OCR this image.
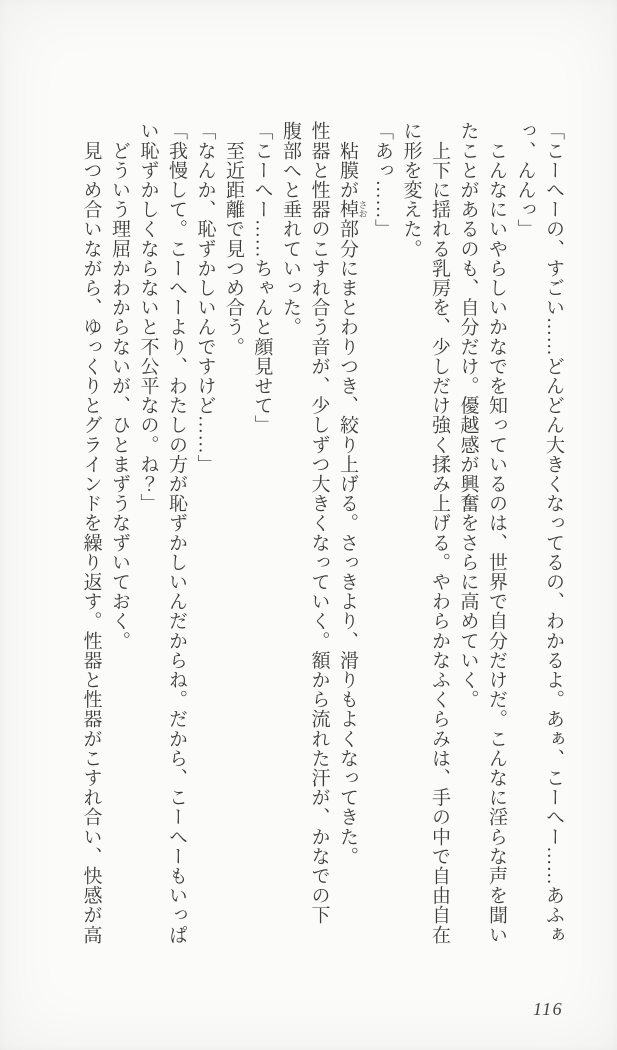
「こーへーの、すごい……どんどん大きくなってるの、わかるよ。あぁ、こーへー……あふぁ
っ、んんっ」
　こんなにいやらしいかなでを知っているのは、世界で自分だけだ。こんなに淫らな声を聞い
たことがあるのも、自分だけ。優越感が興奮をさらに高めていく。
　上下に揺れる乳房を、少しだけ強く揉み上げる。やわらかなふくらみは、手の中で自由自在
に形を変えた。
「あっ……」
　粘膜が棹 さお部分にまとわりつき、絞り上げる。さっきより、滑りもよくなってきた。
性器と性器のこすれ合う音が、少しずつ大きくなっていく。額から流れた汗が、かなでの下
腹部へと垂れていった。
「こーへー……ちゃんと顔見せて」
　至近距離で見つめ合う。
「なんか、恥ずかしいんですけど……」
「我慢して。こーへーより、わたしの方が恥ずかしいんだからね。だから、こーへーもいっぱ
い恥ずかしくならないと不公平なの。ね？」
　どういう理屈かわからないが、ひとまずうなずいておく。
　見つめ合いながら、ゆっくりとグラインドを繰り返す。性器と性器がこすれ合い、快感が高
116
